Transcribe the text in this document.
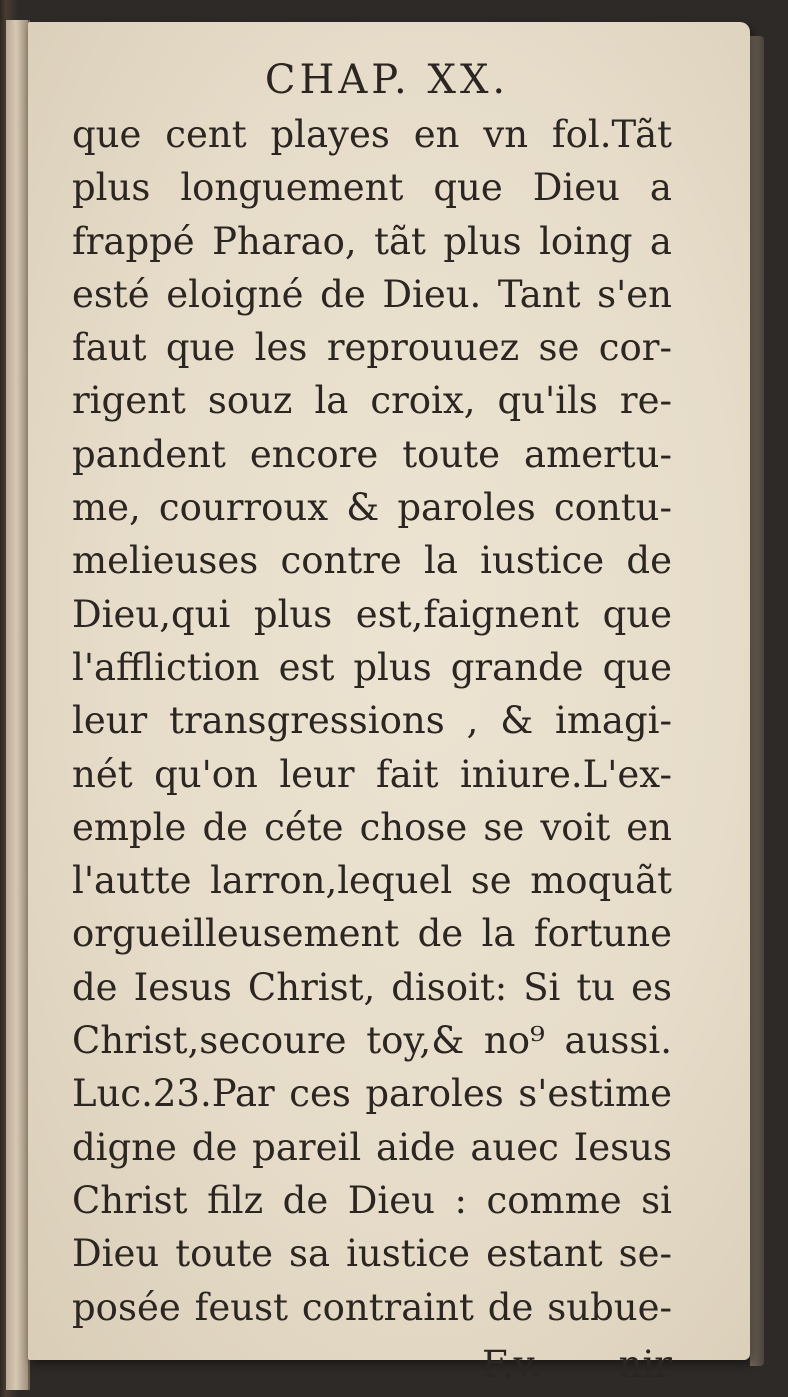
CHAP. XX.
que cent playes en vn fol.Tãt
plus longuement que Dieu a
frappé Pharao, tãt plus loing a
esté eloigné de Dieu. Tant s'en
faut que les reprouuez se cor-
rigent souz la croix, qu'ils re-
pandent encore toute amertu-
me, courroux & paroles contu-
melieuses contre la iustice de
Dieu,qui plus est,faignent que
l'affliction est plus grande que
leur transgressions , & imagi-
nét qu'on leur fait iniure.L'ex-
emple de céte chose se voit en
l'autte larron,lequel se moquãt
orgueilleusement de la fortune
de Iesus Christ, disoit: Si tu es
Christ,secoure toy,& no⁹ aussi.
Luc.23.Par ces paroles s'estime
digne de pareil aide auec Iesus
Christ filz de Dieu : comme si
Dieu toute sa iustice estant se-
posée feust contraint de subue-
F.v. nir
